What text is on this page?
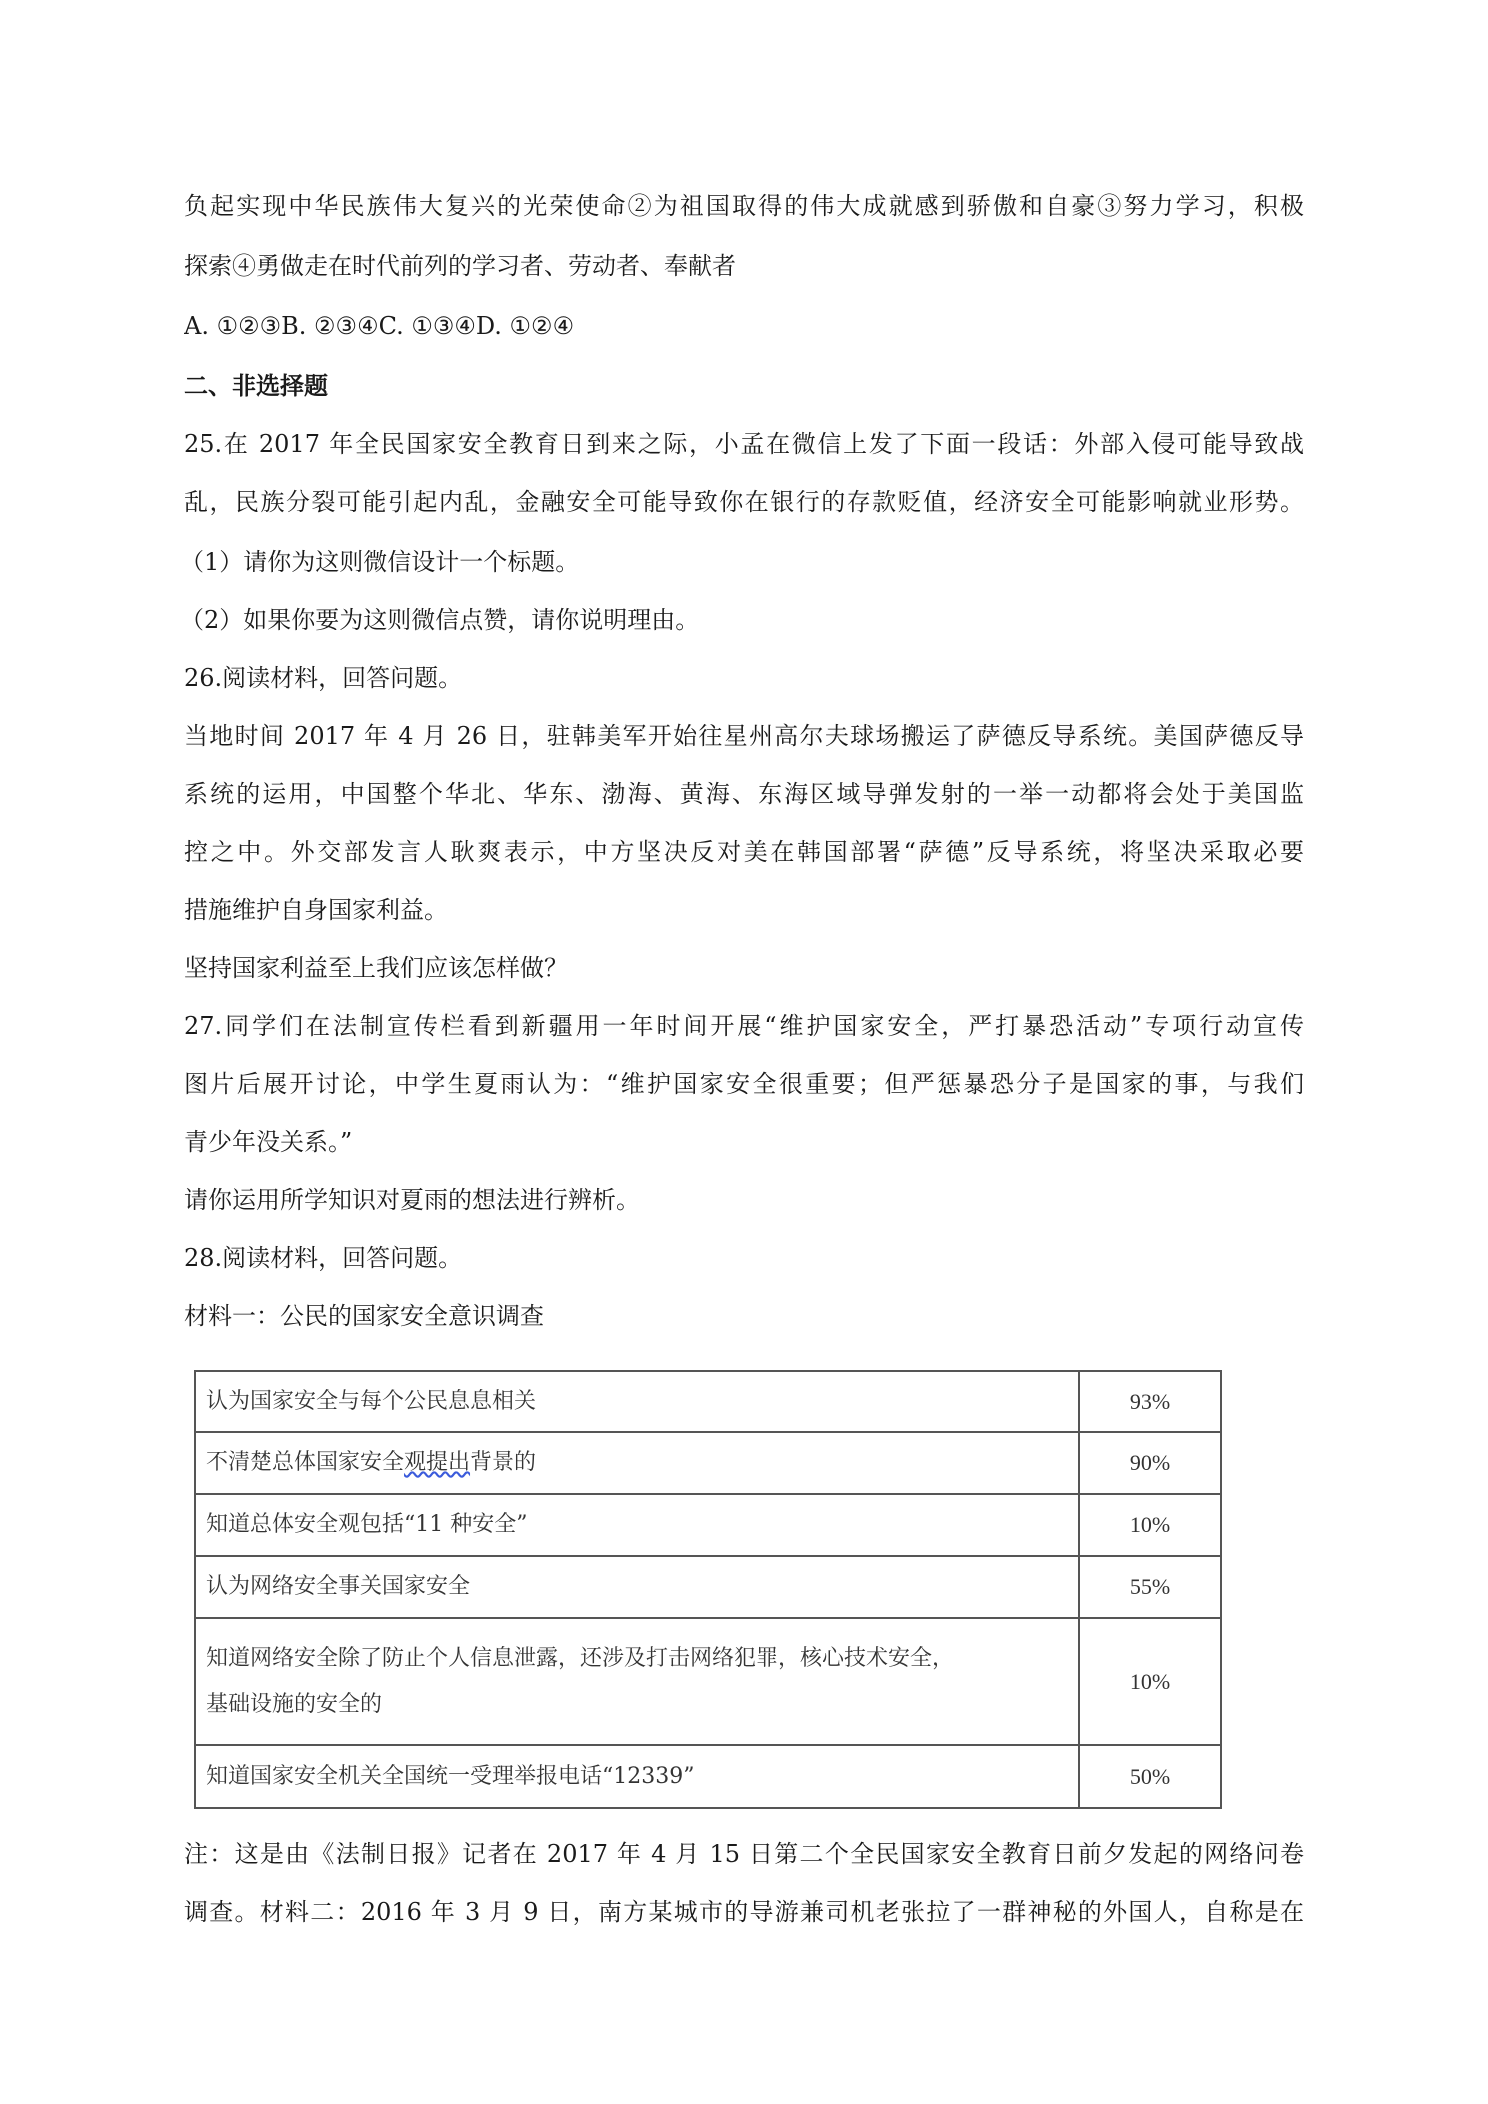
负起实现中华民族伟大复兴的光荣使命②为祖国取得的伟大成就感到骄傲和自豪③努力学习，积极
探索④勇做走在时代前列的学习者、劳动者、奉献者
A. ①②③B. ②③④C. ①③④D. ①②④
二、非选择题
25.在 2017 年全民国家安全教育日到来之际，小孟在微信上发了下面一段话：外部入侵可能导致战
乱，民族分裂可能引起内乱，金融安全可能导致你在银行的存款贬值，经济安全可能影响就业形势。
（1）请你为这则微信设计一个标题。
（2）如果你要为这则微信点赞，请你说明理由。
26.阅读材料，回答问题。
当地时间 2017 年 4 月 26 日，驻韩美军开始往星州高尔夫球场搬运了萨德反导系统。美国萨德反导
系统的运用，中国整个华北、华东、渤海、黄海、东海区域导弹发射的一举一动都将会处于美国监
控之中。外交部发言人耿爽表示，中方坚决反对美在韩国部署“萨德”反导系统，将坚决采取必要
措施维护自身国家利益。
坚持国家利益至上我们应该怎样做？
27.同学们在法制宣传栏看到新疆用一年时间开展“维护国家安全，严打暴恐活动”专项行动宣传
图片后展开讨论，中学生夏雨认为：“维护国家安全很重要；但严惩暴恐分子是国家的事，与我们
青少年没关系。”
请你运用所学知识对夏雨的想法进行辨析。
28.阅读材料，回答问题。
材料一：公民的国家安全意识调查
认为国家安全与每个公民息息相关	93%
不清楚总体国家安全观提出背景的	90%
知道总体安全观包括“11 种安全”	10%
认为网络安全事关国家安全	55%

知道网络安全除了防止个人信息泄露，还涉及打击网络犯罪，核心技术安全，
基础设施的安全的	10%
知道国家安全机关全国统一受理举报电话“12339”	50%
注：这是由《法制日报》记者在 2017 年 4 月 15 日第二个全民国家安全教育日前夕发起的网络问卷
调查。材料二：2016 年 3 月 9 日，南方某城市的导游兼司机老张拉了一群神秘的外国人，自称是在
